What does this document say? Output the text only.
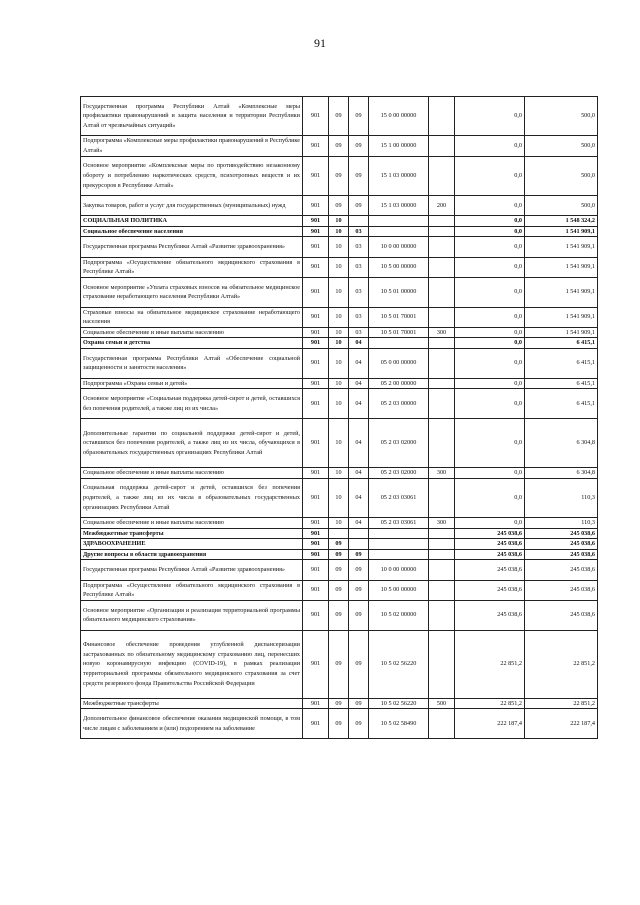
91
Государственная программа Республики Алтай «Комплексные меры профилактики правонарушений и защита населения и территории Республики Алтай от чрезвычайных ситуаций»	901	09	09	15 0 00 00000		0,0	500,0
Подпрограмма «Комплексные меры профилактики правонарушений в Республике Алтай»	901	09	09	15 1 00 00000		0,0	500,0
Основное мероприятие «Комплексные меры по противодействию незаконному обороту и потреблению наркотических средств, психотропных веществ и их прекурсоров в Республике Алтай»	901	09	09	15 1 03 00000		0,0	500,0
Закупка товаров, работ и услуг для государственных (муниципальных) нужд	901	09	09	15 1 03 00000	200	0,0	500,0
СОЦИАЛЬНАЯ ПОЛИТИКА	901	10				0,0	1 548 324,2
Социальное обеспечение населения	901	10	03			0,0	1 541 909,1
Государственная программа Республики Алтай «Развитие здравоохранения»	901	10	03	10 0 00 00000		0,0	1 541 909,1
Подпрограмма «Осуществление обязательного медицинского страхования в Республике Алтай»	901	10	03	10 5 00 00000		0,0	1 541 909,1
Основное мероприятие «Уплата страховых взносов на обязательное медицинское страхование неработающего населения Республики Алтай»	901	10	03	10 5 01 00000		0,0	1 541 909,1
Страховые взносы на обязательное медицинское страхование неработающего населения	901	10	03	10 5 01 70001		0,0	1 541 909,1
Социальное обеспечение и иные выплаты населению	901	10	03	10 5 01 70001	300	0,0	1 541 909,1
Охрана семьи и детства	901	10	04			0,0	6 415,1
Государственная программа Республики Алтай «Обеспечение социальной защищенности и занятости населения»	901	10	04	05 0 00 00000		0,0	6 415,1
Подпрограмма «Охрана семьи и детей»	901	10	04	05 2 00 00000		0,0	6 415,1
Основное мероприятие «Социальная поддержка детей-сирот и детей, оставшихся без попечения родителей, а также лиц из их числа»	901	10	04	05 2 03 00000		0,0	6 415,1
Дополнительные гарантии по социальной поддержке детей-сирот и детей, оставшихся без попечения родителей, а также лиц из их числа, обучающихся в образовательных государственных организациях Республики Алтай	901	10	04	05 2 03 02000		0,0	6 304,8
Социальное обеспечение и иные выплаты населению	901	10	04	05 2 03 02000	300	0,0	6 304,8
Социальная поддержка детей-сирот и детей, оставшихся без попечения родителей, а также лиц из их числа в образовательных государственных организациях Республики Алтай	901	10	04	05 2 03 03061		0,0	110,3
Социальное обеспечение и иные выплаты населению	901	10	04	05 2 03 03061	300	0,0	110,3
Межбюджетные трансферты	901					245 038,6	245 038,6
ЗДРАВООХРАНЕНИЕ	901	09				245 038,6	245 038,6
Другие вопросы в области здравоохранения	901	09	09			245 038,6	245 038,6
Государственная программа Республики Алтай «Развитие здравоохранения»	901	09	09	10 0 00 00000		245 038,6	245 038,6
Подпрограмма «Осуществление обязательного медицинского страхования в Республике Алтай»	901	09	09	10 5 00 00000		245 038,6	245 038,6
Основное мероприятие «Организация и реализация территориальной программы обязательного медицинского страхования»	901	09	09	10 5 02 00000		245 038,6	245 038,6
Финансовое обеспечение проведения углубленной диспансеризации застрахованных по обязательному медицинскому страхованию лиц, перенесших новую коронавирусную инфекцию (COVID-19), в рамках реализации территориальной программы обязательного медицинского страхования за счет средств резервного фонда Правительства Российской Федерации	901	09	09	10 5 02 56220		22 851,2	22 851,2
Межбюджетные трансферты	901	09	09	10 5 02 56220	500	22 851,2	22 851,2
Дополнительное финансовое обеспечение оказания медицинской помощи, в том числе лицам с заболеванием и (или) подозрением на заболевание	901	09	09	10 5 02 58490		222 187,4	222 187,4
